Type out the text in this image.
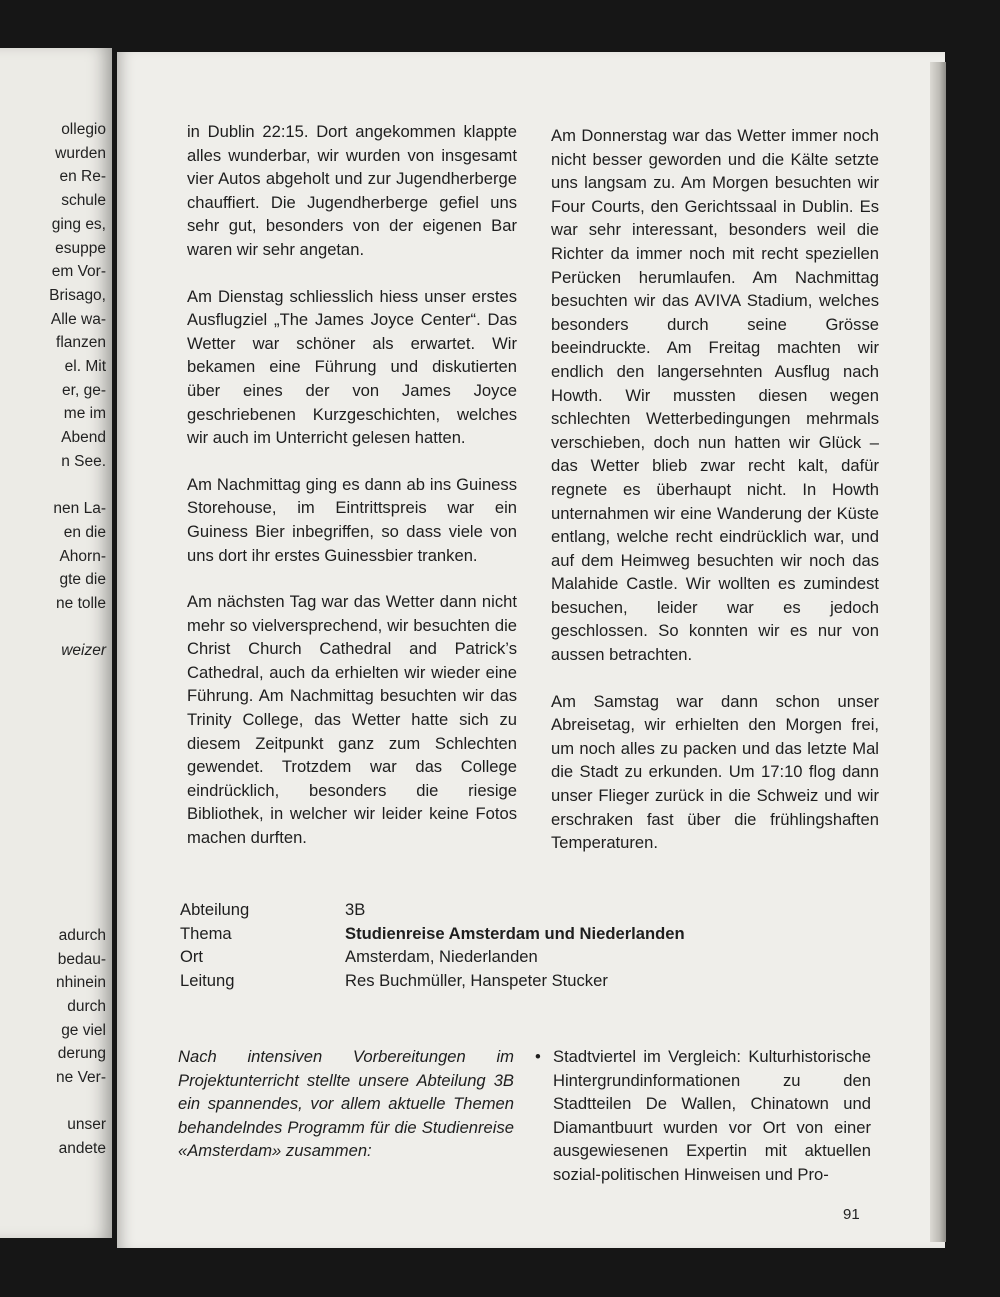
ollegio
wurden
en Re-
schule
ging es,
esuppe
em Vor-
Brisago,
Alle wa-
flanzen
el. Mit
er, ge-
me im
Abend
n See.
nen La-
en die
Ahorn-
gte die
ne tolle
weizer
adurch
bedau-
nhinein
durch
ge viel
derung
ne Ver-
unser
andete

in Dublin 22:15. Dort angekommen klappte alles wunderbar, wir wurden von insgesamt vier Autos abgeholt und zur Jugendherberge chauffiert. Die Jugendherberge gefiel uns sehr gut, besonders von der eigenen Bar waren wir sehr angetan.

Am Dienstag schliesslich hiess unser erstes Ausflugziel „The James Joyce Center“. Das Wetter war schöner als erwartet. Wir bekamen eine Führung und diskutierten über eines der von James Joyce geschriebenen Kurzgeschichten, welches wir auch im Unterricht gelesen hatten.

Am Nachmittag ging es dann ab ins Guiness Storehouse, im Eintrittspreis war ein Guiness Bier inbegriffen, so dass viele von uns dort ihr erstes Guinessbier tranken.

Am nächsten Tag war das Wetter dann nicht mehr so vielversprechend, wir besuchten die Christ Church Cathedral and Patrick’s Cathedral, auch da erhielten wir wieder eine Führung. Am Nachmittag besuchten wir das Trinity College, das Wetter hatte sich zu diesem Zeitpunkt ganz zum Schlechten gewendet. Trotzdem war das College eindrücklich, besonders die riesige Bibliothek, in welcher wir leider keine Fotos machen durften.

Am Donnerstag war das Wetter immer noch nicht besser geworden und die Kälte setzte uns langsam zu. Am Morgen besuchten wir Four Courts, den Gerichtssaal in Dublin. Es war sehr interessant, besonders weil die Richter da immer noch mit recht speziellen Perücken herumlaufen. Am Nachmittag besuchten wir das AVIVA Stadium, welches besonders durch seine Grösse beeindruckte. Am Freitag machten wir endlich den langersehnten Ausflug nach Howth. Wir mussten diesen wegen schlechten Wetterbedingungen mehrmals verschieben, doch nun hatten wir Glück – das Wetter blieb zwar recht kalt, dafür regnete es überhaupt nicht. In Howth unternahmen wir eine Wanderung der Küste entlang, welche recht eindrücklich war, und auf dem Heimweg besuchten wir noch das Malahide Castle. Wir wollten es zumindest besuchen, leider war es jedoch geschlossen. So konnten wir es nur von aussen betrachten.

Am Samstag war dann schon unser Abreisetag, wir erhielten den Morgen frei, um noch alles zu packen und das letzte Mal die Stadt zu erkunden. Um 17:10 flog dann unser Flieger zurück in die Schweiz und wir erschraken fast über die frühlingshaften Temperaturen.

Abteilung	3B
Thema	Studienreise Amsterdam und Niederlanden
Ort	Amsterdam, Niederlanden
Leitung	Res Buchmüller, Hanspeter Stucker
Nach intensiven Vorbereitungen im Projektunterricht stellte unsere Abteilung 3B ein spannendes, vor allem aktuelle Themen behandelndes Programm für die Studienreise «Amsterdam» zusammen:
• Stadtviertel im Vergleich: Kulturhistorische Hintergrundinformationen zu den Stadtteilen De Wallen, Chinatown und Diamantbuurt wurden vor Ort von einer ausgewiesenen Expertin mit aktuellen sozial-politischen Hinweisen und Pro-
91
